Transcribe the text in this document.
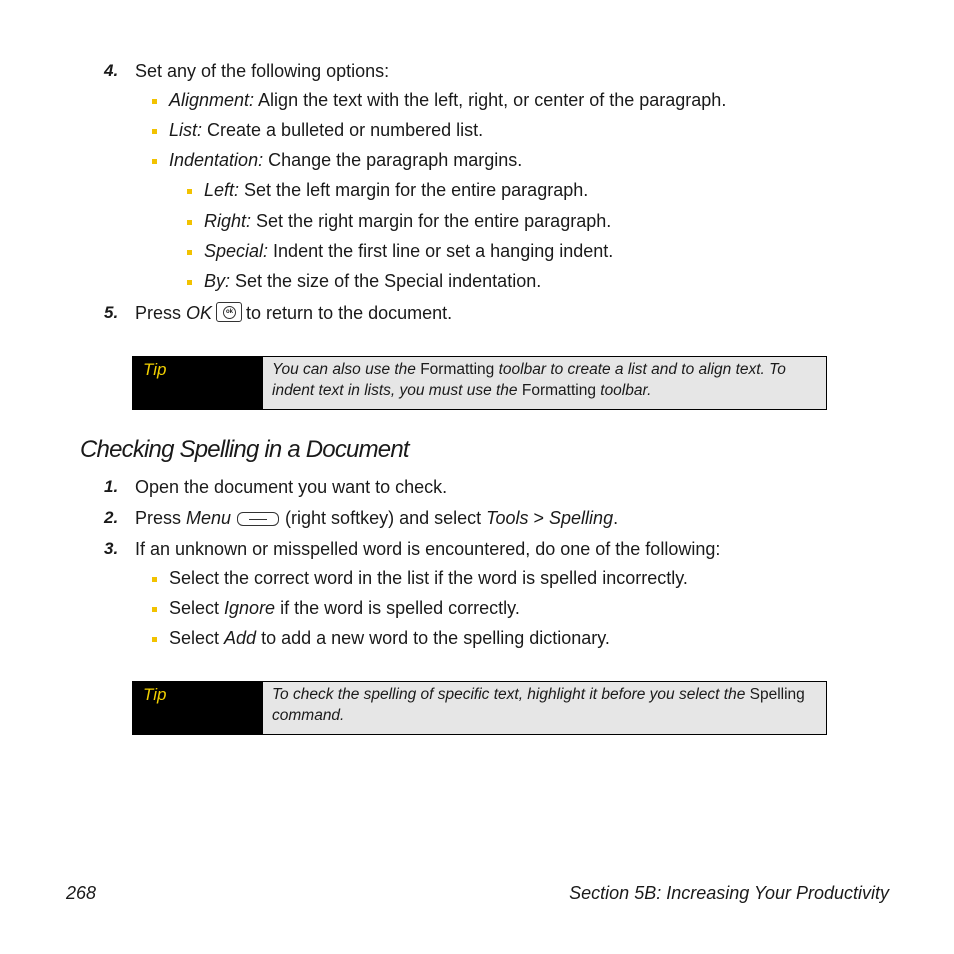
4. Set any of the following options:
Alignment: Align the text with the left, right, or center of the paragraph.
List: Create a bulleted or numbered list.
Indentation: Change the paragraph margins.
Left: Set the left margin for the entire paragraph.
Right: Set the right margin for the entire paragraph.
Special: Indent the first line or set a hanging indent.
By: Set the size of the Special indentation.
5. Press OK	ok to return to the document.
Tip	You can also use the Formatting toolbar to create a list and to align text. To indent text in lists, you must use the Formatting toolbar.
Checking Spelling in a Document
1. Open the document you want to check.
2. Press Menu	(right softkey) and select Tools > Spelling.
3. If an unknown or misspelled word is encountered, do one of the following:
Select the correct word in the list if the word is spelled incorrectly.
Select Ignore if the word is spelled correctly.
Select Add to add a new word to the spelling dictionary.
Tip	To check the spelling of specific text, highlight it before you select the Spelling command.
268	Section 5B: Increasing Your Productivity
